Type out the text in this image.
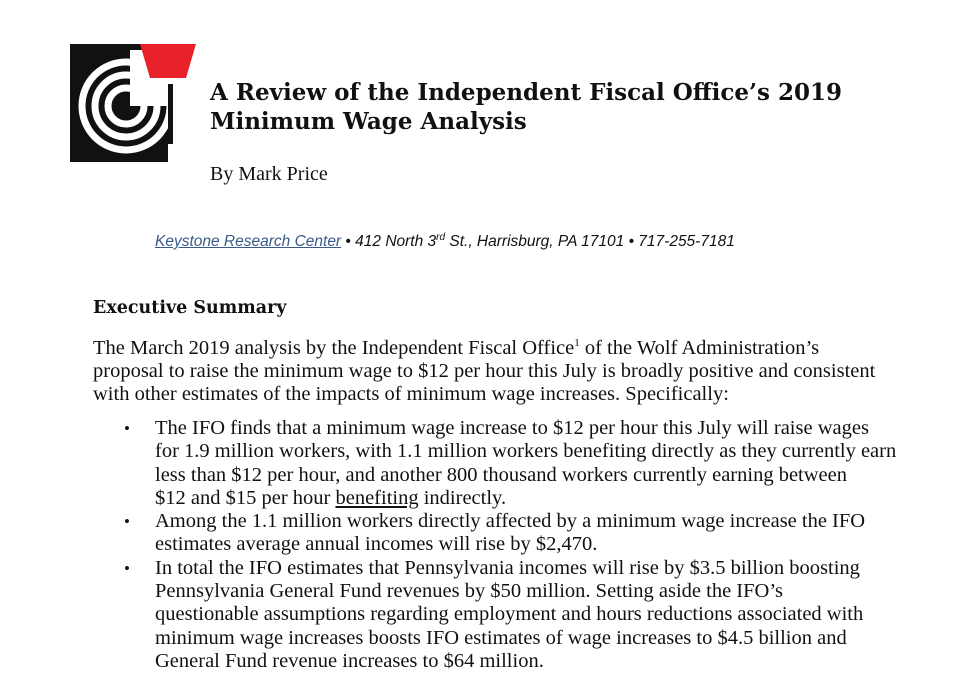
A Review of the Independent Fiscal Office’s 2019
Minimum Wage Analysis

By Mark Price

Keystone Research Center • 412 North 3rd St., Harrisburg, PA 17101 • 717-255-7181
Executive Summary
The March 2019 analysis by the Independent Fiscal Office$^1$ of the Wolf Administration’s
proposal to raise the minimum wage to $12 per hour this July is broadly positive and consistent
with other estimates of the impacts of minimum wage increases. Specifically:
• The IFO finds that a minimum wage increase to $12 per hour this July will raise wages
for 1.9 million workers, with 1.1 million workers benefiting directly as they currently earn
less than $12 per hour, and another 800 thousand workers currently earning between
$12 and $15 per hour benefiting indirectly.
• Among the 1.1 million workers directly affected by a minimum wage increase the IFO
estimates average annual incomes will rise by $2,470.
• In total the IFO estimates that Pennsylvania incomes will rise by $3.5 billion boosting
Pennsylvania General Fund revenues by $50 million. Setting aside the IFO’s
questionable assumptions regarding employment and hours reductions associated with
minimum wage increases boosts IFO estimates of wage increases to $4.5 billion and
General Fund revenue increases to $64 million.
